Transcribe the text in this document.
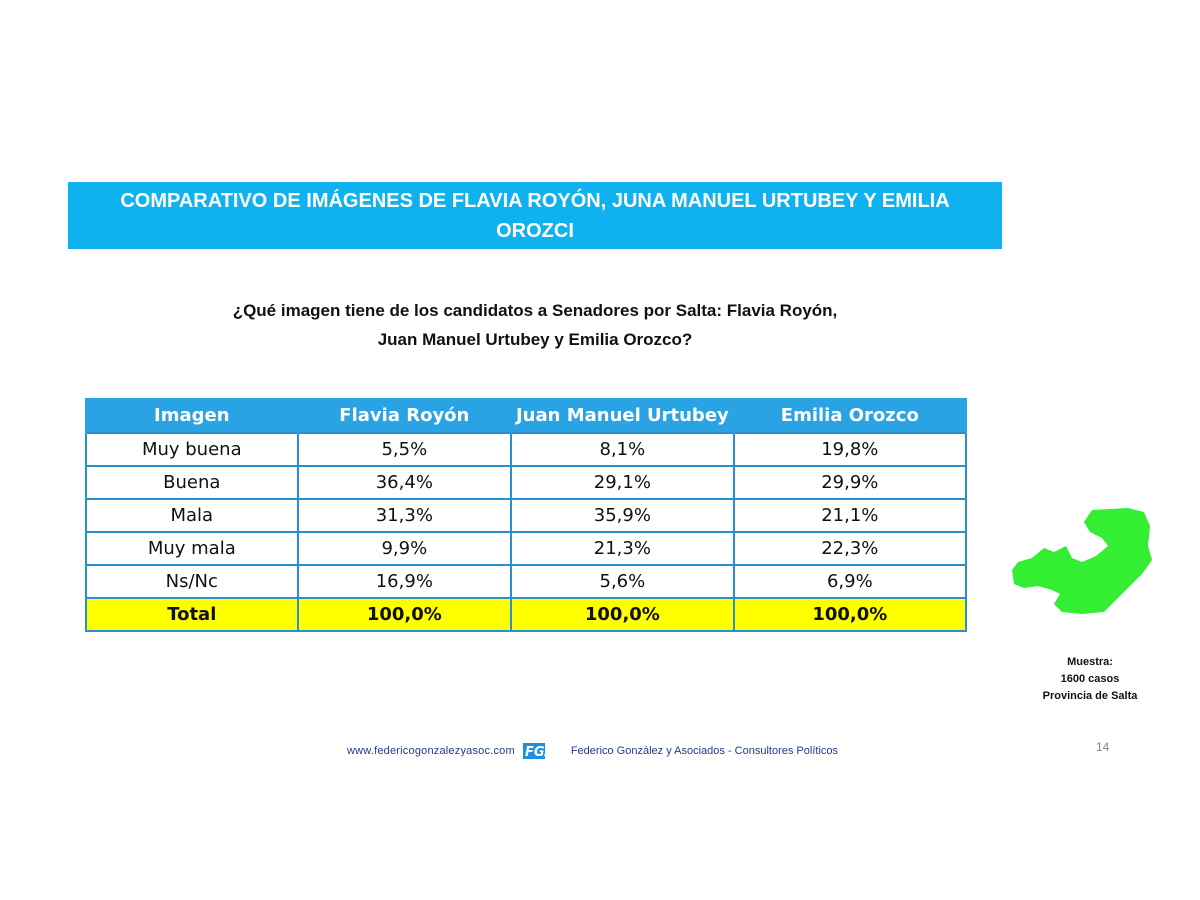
COMPARATIVO DE IMÁGENES DE FLAVIA ROYÓN, JUNA MANUEL URTUBEY Y EMILIA OROZCI
¿Qué imagen tiene de los candidatos a Senadores por Salta: Flavia Royón,
Juan Manuel Urtubey y Emilia Orozco?
Imagen	Flavia Royón	Juan Manuel Urtubey	Emilia Orozco
Muy buena	5,5%	8,1%	19,8%
Buena	36,4%	29,1%	29,9%
Mala	31,3%	35,9%	21,1%
Muy mala	9,9%	21,3%	22,3%
Ns/Nc	16,9%	5,6%	6,9%
Total	100,0%	100,0%	100,0%
Muestra:
1600 casos
Provincia de Salta
www.federicogonzalezyasoc.com FGA Federico González y Asociados - Consultores Políticos	14
